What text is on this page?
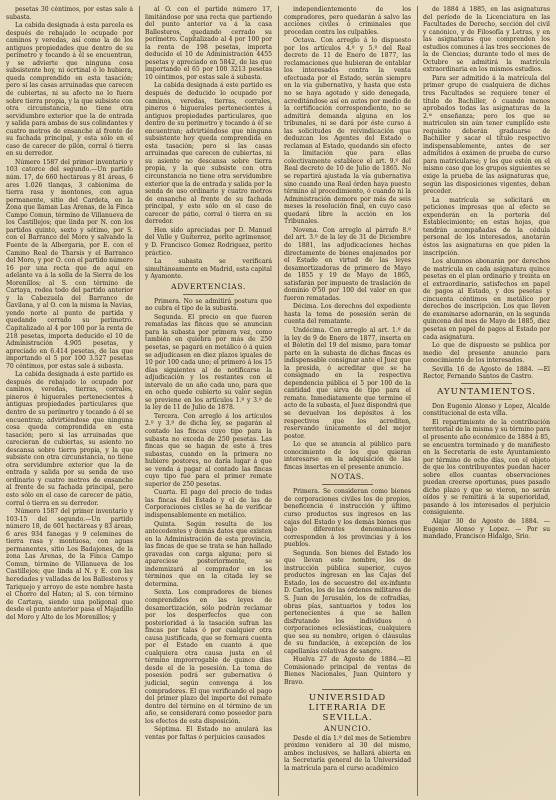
pesetas 30 céntimos, por estas sale á subasta.

La cabida designada á esta parcela es después de rebajado lo ocupado por caminos y veredas, así como la de los antiguos propiedades que dentro de su perímetro y tocando á él se encuentran, y se advierte que ninguna cosa subsistente hoy, ni ocrtinal ó lo hubiera, queda comprendido en esta tasación; pero si las casas arruinadas que carecen de cubiertas, ni su afecto no lo fuera sobre tierra propia, y la que subsiste con otra circunstancia, no tiene otra servidumbre exterior que la de entrada y salida para ambas de sus colindantes y cuatro metros de ensanche al frente de su fachada principal, y esta sólo en el caso de carecer de pilón, corral ó tierra en su derredor.

Número 1587 del primer inventario y 103 catorce del segundo.—Un partido núm. 17, de 660 hectáreas y 81 áreas, 6 ares 1.026 tlanqas, 3 cabionima de tierra rasa y montones, con agua permanente, sitio del Cardeta, en la Zona que llaman Las Arenas, de la Finca Campo Comun, término de Villanueva de los Castillejos; que linda por N. con los partidos quinto, sexto y sétimo, por S. con el Barranco del Moro y salvando la Fuente de la Albergaria, por E. con el Camino Real de Tharsis y el Barranco del Moro, y por O. con el partido número 16 por una recta que de aquí en adelante va á la solla de la Sierra de los Morenillos; al S. con término de Cartaya, rodea todo del partido anterior y la Cabezuela del Barranco de Gavilana, y al O. con la misma la Navias, yendo norte al punto de partida y quedando cerrado su perímetro. Capitalizado al 4 por 100 por la renta de 218 pesetas, importa deducido el 10 de Administración 4.905 pesetas, y apreciado en 6.414 pesetas, de las que importando el 5 por 100 3.527 pesetas 70 céntimos, por estas sale á subasta.

La cabida designada á este partido es después de rebajado lo ocupado por caminos, veredas, tierras, corrales, pineros é higuerales pertenecientes á antiguas propiedades particulares que dentro de su perímetro y tocando á él se encuentran; advirtiéndose que ninguna cosa queda comprendida en esta tasación; pero si las arruinadas que carecieran de cubiertas, su asiento no descansa sobre tierra propia, y la que subsiste con otra circunstancia, no tiene otra servidumbre exterior que la de entrada y salida por su senda de uso ordinario y cuatro metros de ensanche al frente de su fachada principal, pero esto sólo en el caso de carecer de pátio, corral ó tierra en su derredor.

Número 1587 del primer inventario y 103-15 del segundo.—Un partido número 18, de 601 hectáreas y 83 áreas, 6 ares 934 fanegas y 9 celemines de tierra rasa y montuosa, con aguas permanentes, sitio Los Badajones, de la zona Las Arenas, de la Finca Campo Comun, término de Villanueva de los Castillejos; que linda al N. y E. con las heredades y valladas de los Ballesteros y Tariquejo y arroyo de este nombre hasta el Chorro del Haten; al S. con término de Cartaya, siendo una polígonal que desde el punto anterior pasa el Majadillo del Moro y Alto de los Morenillos; y

al O. con el partido número 17, limitándose por una recta que partiendo del punto anterior va á la casa Ballesteros, quedando cerrado su perímetro. Capitalizado al 4 por 100 por la renta de 198 pesetas, importa deducido el 10 de Administración 4455 pesetas y apreciado en 5842, de las que importando el 65 por 100 3213 pesetas 10 céntimos, por estas sale á subasta.

La cabida designada á este partido es después de deducido lo ocupado por caminos, veredas, tierras, corrales, pineros é higuerales pertenecientes á antiguos propiedades particulares, que dentro de su perímetro y tocando á él se encuentran; advirtiéndose que ninguna subsistente hoy queda comprendida en esta tasación; pero si las casas arruinadas que carecen de cubiertas, ni su asiento no descansa sobre tierra propia, y la que subsiste con otra circunstancia no tiene otra servidumbre exterior que la de entrada y salida por la senda de uso ordinario y cuatro metros de ensanche al frente de su fachada principal, y esto sólo en el caso de carecer de pátio, corral ó tierra en su derredor.

Hen sido apreciadas por D. Manuel del Valle y Guiterrez, perito agrimensor, y D. Francisco Gomez Rodriguez, perito práctico.

La subasta se verificará simultáneamente en Madrid, esta capital y Ayamonte.

ADVERTENCIAS.

Primera. No se admitirá postura que no cubra el tipo de la subasta.

Segunda. El precio en que fueren rematadas las fincas que se anuncian para la subasta por primera vez, como también en quiebra por más de 250 pesetas, se pagará en metálico ó á quien se adjudicasen en diez plazos iguales de 10 por 100 cada uno; el primero á los 15 días siguientes al de notificarse la adjudicación y los restantes con el intervalo de un año cada uno, para que en ocho quede cubierto su valor según se previene en los artículos 1.º y 3.º de la ley de 11 de Julio de 1878.

Tercera. Con arreglo á los artículos 2.º y 3.º de dicha ley, se pagarán al contado las fincas cuyo tipo para la subasta no exceda de 250 pesetas. Las fincas que se hagan de este á tres subastas, cuando en la primera no hubiere postores, no daría lugar á que se venda á pagar al contado las fincas cuyo tipo fué para el primer remate superior de 250 pesetas.

Cuarta. El pago del precio de todas las fincas del Estado y el de las de Corporaciones civiles se ha de verificar indispensablemente en metálico.

Quinta. Según resulta de los antecedentes y demás datos que existen en la Administración de esta provincia, las fincas de que se trata se han hallado gravadas con carga alguna; pero si apareciese posteriormente, se indemnizará al comprador en los términos que en la citada ley se determina.

Sexta. Los compradores de bienes comprendidos en las leyes de desamortización, sólo podrán reclamar por los desperfectos que con posterioridad á la tasación sufran las fincas por talas ó por cualquier otra causa justificada, que se formará cuenta por el Estado en cuanto á que cualquiera otra causa justa en el término improrrogable de quince días desde el de la posesión. La toma de posesión podrá ser gubernativa ó judicial, según convenga á los compradores. El que verificando el pago del primer plazo del importe del remate dentro del término en el término de un año, se considerará como poseedor para los efectos de esta disposición.

Séptima. El Estado no anulará las ventas por faltas ó perjuicios causados

independientemente de los compradores, pero quedarán á salvo las acciones civiles ó criminales que procedan contra los culpables.

Octava. Con arreglo á lo dispuesto por los artículos 4.º y 5.º del Real decreto de 11 de Enero de 1877, las reclamaciones que hubieran de entablar los interesados contra la venta efectuada por el Estado, serán siempre en la vía gubernativa, y hasta que esta no se haya agotado y sido denegada, acreditándose así en autos por medio de la certificación correspondiente, no se admitirá demanda alguna en los tribunales, ni se dará por éste curso á las solicitudes de reivindicación que deduzcan los Agentes del Estado o reclaman al Estado, quedando sin efecto la limitación que para ellas colectivamente establece el art. 9.º del Real decreto de 10 de Julio de 1865. No se repartirá ajustada la vía gubernativa sino cuando una Real órden haya puesto término al procedimiento, ó cuando ni la Administración demore por más de seis meses la resolución final, en cuyo caso quedará libre la acción en los Tribunales.

Novena. Con arreglo al párrafo 8.º del art. 3.º de la ley de 31 de Diciembre de 1881, las adjudicaciones hechas directamente de bienes enajenados por el Estado en virtud de las leyes desamortizadoras de primero de Mayo de 1855 y 19 de Mayo de 1865, satisfarán por impuesto de traslación de dominio 0'50 por 100 del valor en que fueron rematadas.

Décima. Los derechos del expediente hasta la toma de posesión serán de cuenta del rematante.

Undécima. Con arreglo al art. 1.º de la ley de 9 de Enero de 1877, inserta en el Boletín del 19 del mismo, para tomar parte en la subasta de dichas fincas es indispensable consignar ante el Juez que la presida, ó acreditar que se ha consignado en la respectiva dependencia pública el 5 por 100 de la cantidad que sirva de tipo para el remate. Inmediatamente que termine el acto de la subasta, el Juez dispondrá que se devuelvan los depósitos á los respectivos que los acrediten, reservando únicamente el del mejor postor.

Lo que se anuncia al público para conocimiento de los que quieran interesarse en la adquisición de las fincas insertas en el presente anuncio.

NOTAS.

Primera. Se consideran como bienes de corporaciones civiles los de propios, beneficencia é instrucción y último curso productos sus ingresos en las cajas del Estado y los demás bienes que bajo diferentes denominaciones corresponden á los provincias y á los pueblos.

Segunda. Son bienes del Estado los que llevan este nombre, los de instrucción pública superior, cuyos productos ingresan en las Cajas del Estado, los de secuestro del ex-infante D. Carlos, los de las órdenes militares de S. Juan de Jerusalén, los de cofradías, obras pías, santuarios y todos los pertenecientes á que se hallen disfrutando los individuos ó corporaciones eclesiásticas, cualquiera que sea su nombre, origen ó cláusulas de su fundación, á excepción de los capellanías colativas de sangre.

Huelva 27 de Agosto de 1884.—El Comisionado principal de ventas de Bienes Nacionales, Juan Quintero y Bravo.

UNIVERSIDAD LITERARIA DE SEVILLA.

ANUNCIO.

Desde el día 1.º del mes de Setiembre próximo venidero al 30 del mismo, ambos inclusives, se hallará abierta en la Secretaría general de la Universidad la matrícula para el curso académico

de 1884 á 1885, en las asignaturas del período de la Licenciatura en las Facultades de Derecho, sección del civil y canónico, y de Filosofía y Letras, y en las asignaturas que comprenden los estudios comunes á las tres secciones de la de Ciencias; durante todo el mes de Octubre se admitirá la matrícula extraordinaria en los mismos estudios.

Para ser admitido á la matrícula del primer grupo de cualquiera de dichas tres Facultades se requiere tener el título de Bachiller, ó cuando menos aprobados todas las asignaturas de la 2.ª enseñanza; pero los que se matriculen sin aún tener cumplido este requisito deberán graduarse de Bachiller y sacar el título respectivo indispensablemente, antes de ser admitidos á exámen de prueba de curso para matricularse; y los que estén en el mismo caso que los grupos siguientes se exige la prueba de las asignaturas que, según las disposiciones vigentes, deban preceder.

La matrícula se solicitará en peticiones impresas que al efecto se expenderán en la portería del Establecimiento; en estas hojas, que tendrán acompañadas de la cédula personal de los interesados, anotarán éstos las asignaturas en que piden la inscripción.

Los alumnos abonarán por derechos de matrícula en cada asignatura quince pesetas en el plan ordinario y treinta en el extraordinario, satisfechos en papel de pagos al Estado, y dos pesetas y cincuenta céntimos en metálico por derechos de inscripción. Los que lleven de examinarse adornarán, en la segunda quincena del mes de Mayo de 1885, diez pesetas en papel de pagos al Estado por cada asignatura.

Lo que de dispuesto se publica por medio del presente anuncio para conocimiento de los interesados.

Sevilla 16 de Agosto de 1884. —El Rector, Fernando Santos de Castro.

AYUNTAMIENTOS.

Don Eugenio Alonso y Lopez, Alcalde constitucional de esta villa.

El repartimiento de la contribución territorial de la misma y su término para el presente año económico de 1884 á 85, se encuentra terminado y de manifiesto en la Secretaría de este Ayuntamiento por término de ocho días, con el objeto de que los contribuyentes puedan hacer sobre ellos cuantas observaciones puedan creerse oportunas, pues pasado dicho plazo y que se vieron, no serán oídos y se remitirá á la superioridad, pasando á los interesados el perjuicio consiguiente.

Alajar 30 de Agosto de 1884. —Eugenio Alonso y Lopez. — Por su mandado, Francisco Hidalgo, Srio.
